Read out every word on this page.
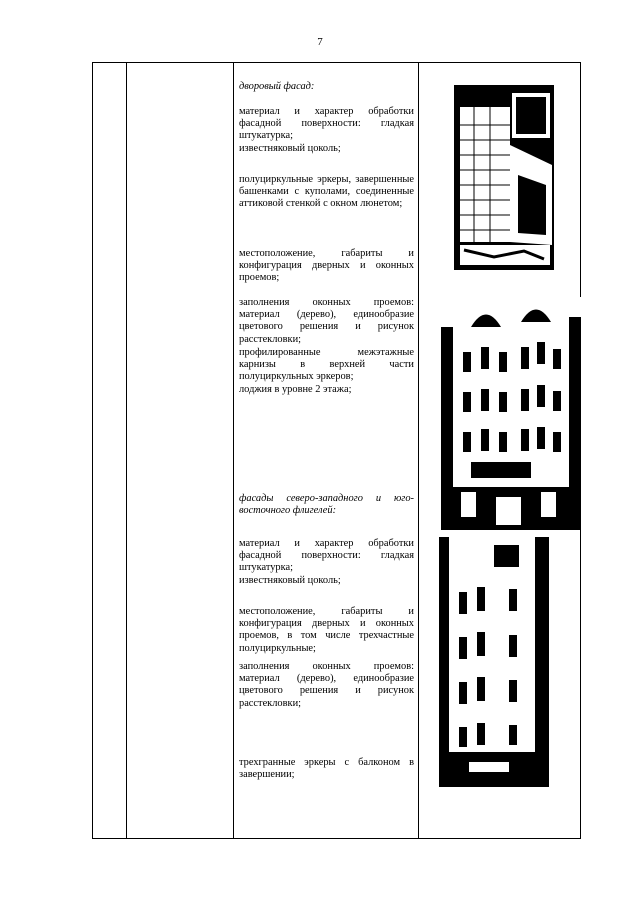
7

дворовый фасад:

материал и характер обработки фасадной поверхности: гладкая штукатурка;

известняковый цоколь;

полуциркульные эркеры, завершенные башенками с куполами, соединенные аттиковой стенкой с окном люнетом;

местоположение, габариты и конфигурация дверных и оконных проемов;

заполнения оконных проемов: материал (дерево), единообразие цветового решения и рисунок расстекловки;

профилированные межэтажные карнизы в верхней части полуциркульных эркеров;

лоджия в уровне 2 этажа;

фасады северо-западного и юго-восточного флигелей:

материал и характер обработки фасадной поверхности: гладкая штукатурка;

известняковый цоколь;

местоположение, габариты и конфигурация дверных и оконных проемов, в том числе трехчастные полуциркульные;

заполнения оконных проемов: материал (дерево), единообразие цветового решения и рисунок расстекловки;

трехгранные эркеры с балконом в завершении;
